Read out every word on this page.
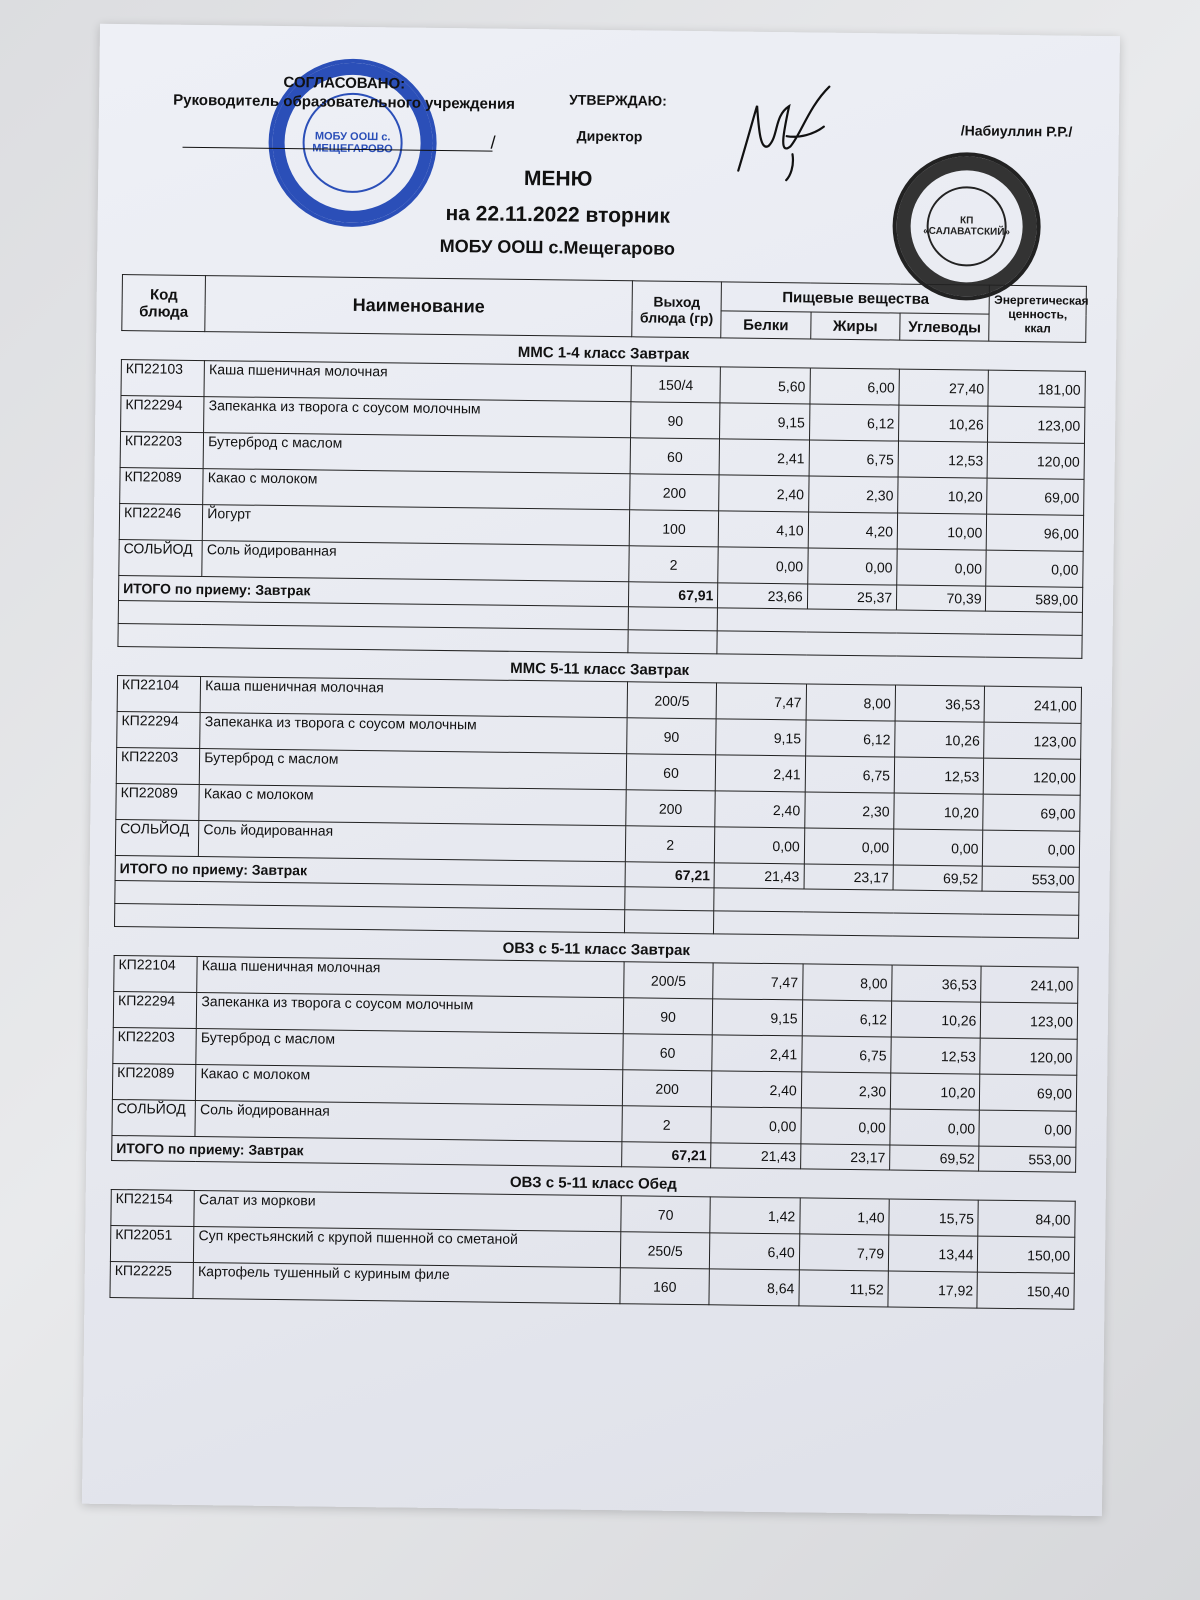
МОБУ ООШ с. МЕЩЕГАРОВО
СОГЛАСОВАНО:
Руководитель образовательного учреждения
/
УТВЕРЖДАЮ:
Директор	/Набиуллин Р.Р./
КП
«САЛАВАТСКИЙ»
МЕНЮ
на 22.11.2022 вторник
МОБУ ООШ с.Мещегарово
Код блюда	Наименование	Выход блюда (гр)	Пищевые вещества			Энергетическая ценность, ккал
			Белки	Жиры	Углеводы	
ММС 1-4 класс Завтрак						
КП22103	Каша пшеничная молочная	150/4	5,60	6,00	27,40	181,00
КП22294	Запеканка из творога с соусом молочным	90	9,15	6,12	10,26	123,00
КП22203	Бутерброд с маслом	60	2,41	6,75	12,53	120,00
КП22089	Какао с молоком	200	2,40	2,30	10,20	69,00
КП22246	Йогурт	100	4,10	4,20	10,00	96,00
СОЛЬЙОД	Соль йодированная	2	0,00	0,00	0,00	0,00
ИТОГО по приему: Завтрак		67,91	23,66	25,37	70,39	589,00

ММС 5-11 класс Завтрак						
КП22104	Каша пшеничная молочная	200/5	7,47	8,00	36,53	241,00
КП22294	Запеканка из творога с соусом молочным	90	9,15	6,12	10,26	123,00
КП22203	Бутерброд с маслом	60	2,41	6,75	12,53	120,00
КП22089	Какао с молоком	200	2,40	2,30	10,20	69,00
СОЛЬЙОД	Соль йодированная	2	0,00	0,00	0,00	0,00
ИТОГО по приему: Завтрак		67,21	21,43	23,17	69,52	553,00

ОВЗ с 5-11 класс Завтрак						
КП22104	Каша пшеничная молочная	200/5	7,47	8,00	36,53	241,00
КП22294	Запеканка из творога с соусом молочным	90	9,15	6,12	10,26	123,00
КП22203	Бутерброд с маслом	60	2,41	6,75	12,53	120,00
КП22089	Какао с молоком	200	2,40	2,30	10,20	69,00
СОЛЬЙОД	Соль йодированная	2	0,00	0,00	0,00	0,00
ИТОГО по приему: Завтрак		67,21	21,43	23,17	69,52	553,00
ОВЗ с 5-11 класс Обед						
КП22154	Салат из моркови	70	1,42	1,40	15,75	84,00
КП22051	Суп крестьянский с крупой пшенной со сметаной	250/5	6,40	7,79	13,44	150,00
КП22225	Картофель тушенный с куриным филе	160	8,64	11,52	17,92	150,40
